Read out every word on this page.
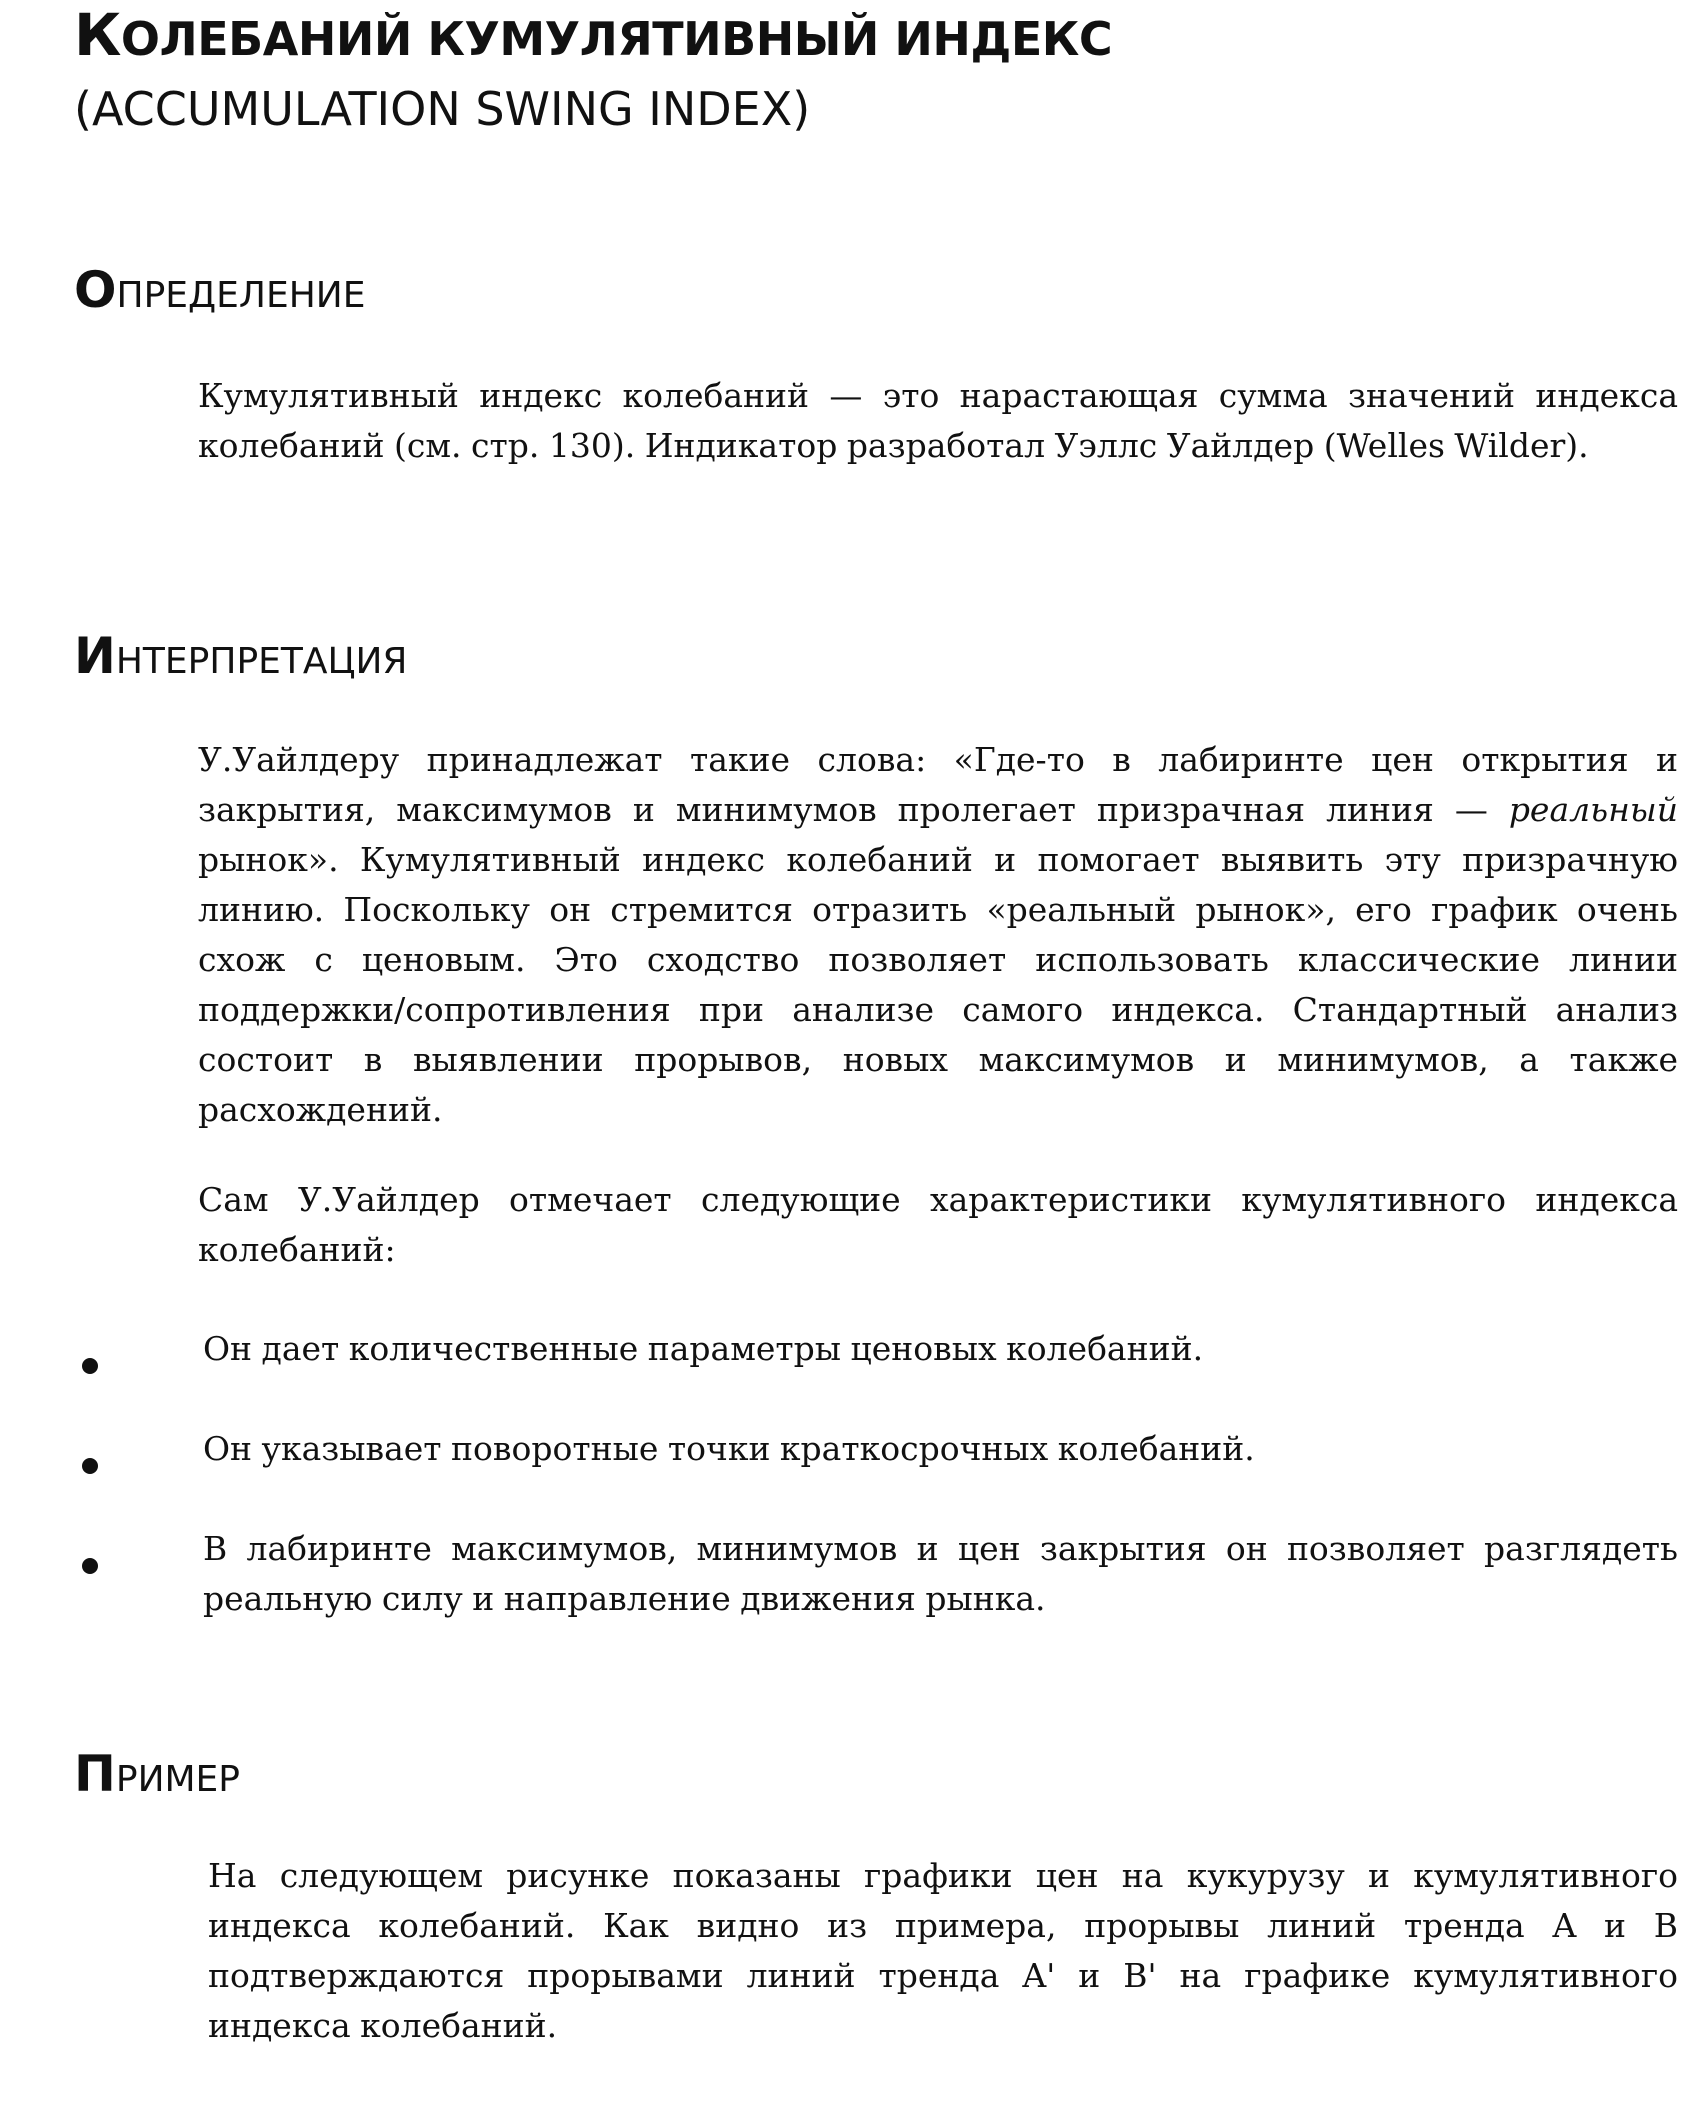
КОЛЕБАНИЙ КУМУЛЯТИВНЫЙ ИНДЕКС
(ACCUMULATION SWING INDEX)
ОПРЕДЕЛЕНИЕ

Кумулятивный индекс колебаний — это нарастающая сумма значений индекса колебаний (см. стр. 130). Индикатор разработал Уэллс Уайлдер (Welles Wilder).

ИНТЕРПРЕТАЦИЯ

У.Уайлдеру принадлежат такие слова: «Где-то в лабиринте цен открытия и закрытия, максимумов и минимумов пролегает призрачная линия — реальный рынок». Кумулятивный индекс колебаний и помогает выявить эту призрачную линию. Поскольку он стремится отразить «реальный рынок», его график очень схож с ценовым. Это сходство позволяет использовать классические линии поддержки/сопротивления при анализе самого индекса. Стандартный анализ состоит в выявлении прорывов, новых максимумов и минимумов, а также расхождений.

Сам У.Уайлдер отмечает следующие характеристики кумулятивного индекса колебаний:

Он дает количественные параметры ценовых колебаний.

Он указывает поворотные точки краткосрочных колебаний.

В лабиринте максимумов, минимумов и цен закрытия он позволяет разглядеть реальную силу и направление движения рынка.

ПРИМЕР

На следующем рисунке показаны графики цен на кукурузу и кумулятивного индекса колебаний. Как видно из примера, прорывы линий тренда A и B подтверждаются прорывами линий тренда A' и B' на графике кумулятивного индекса колебаний.
